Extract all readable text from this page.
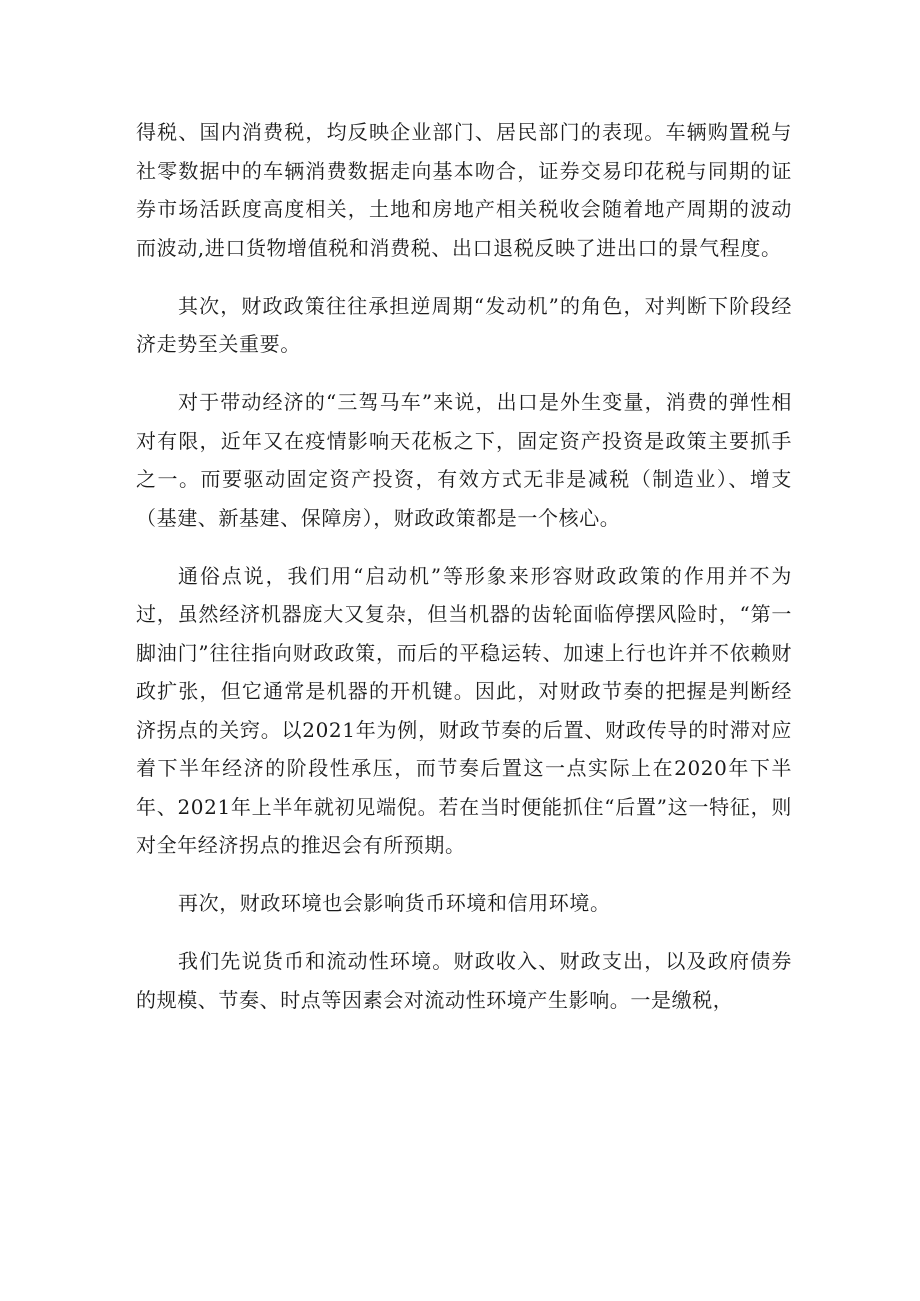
得税、国内消费税，均反映企业部门、居民部门的表现。车辆购置税与社零数据中的车辆消费数据走向基本吻合，证券交易印花税与同期的证券市场活跃度高度相关，土地和房地产相关税收会随着地产周期的波动而波动,进口货物增值税和消费税、出口退税反映了进出口的景气程度。

其次，财政政策往往承担逆周期“发动机”的角色，对判断下阶段经济走势至关重要。

对于带动经济的“三驾马车”来说，出口是外生变量，消费的弹性相对有限，近年又在疫情影响天花板之下，固定资产投资是政策主要抓手之一。而要驱动固定资产投资，有效方式无非是减税（制造业）、增支（基建、新基建、保障房），财政政策都是一个核心。

通俗点说，我们用“启动机”等形象来形容财政政策的作用并不为过，虽然经济机器庞大又复杂，但当机器的齿轮面临停摆风险时，“第一脚油门”往往指向财政政策，而后的平稳运转、加速上行也许并不依赖财政扩张，但它通常是机器的开机键。因此，对财政节奏的把握是判断经济拐点的关窍。以2021年为例，财政节奏的后置、财政传导的时滞对应着下半年经济的阶段性承压，而节奏后置这一点实际上在2020年下半年、2021年上半年就初见端倪。若在当时便能抓住“后置”这一特征，则对全年经济拐点的推迟会有所预期。

再次，财政环境也会影响货币环境和信用环境。

我们先说货币和流动性环境。财政收入、财政支出，以及政府债券的规模、节奏、时点等因素会对流动性环境产生影响。一是缴税，
